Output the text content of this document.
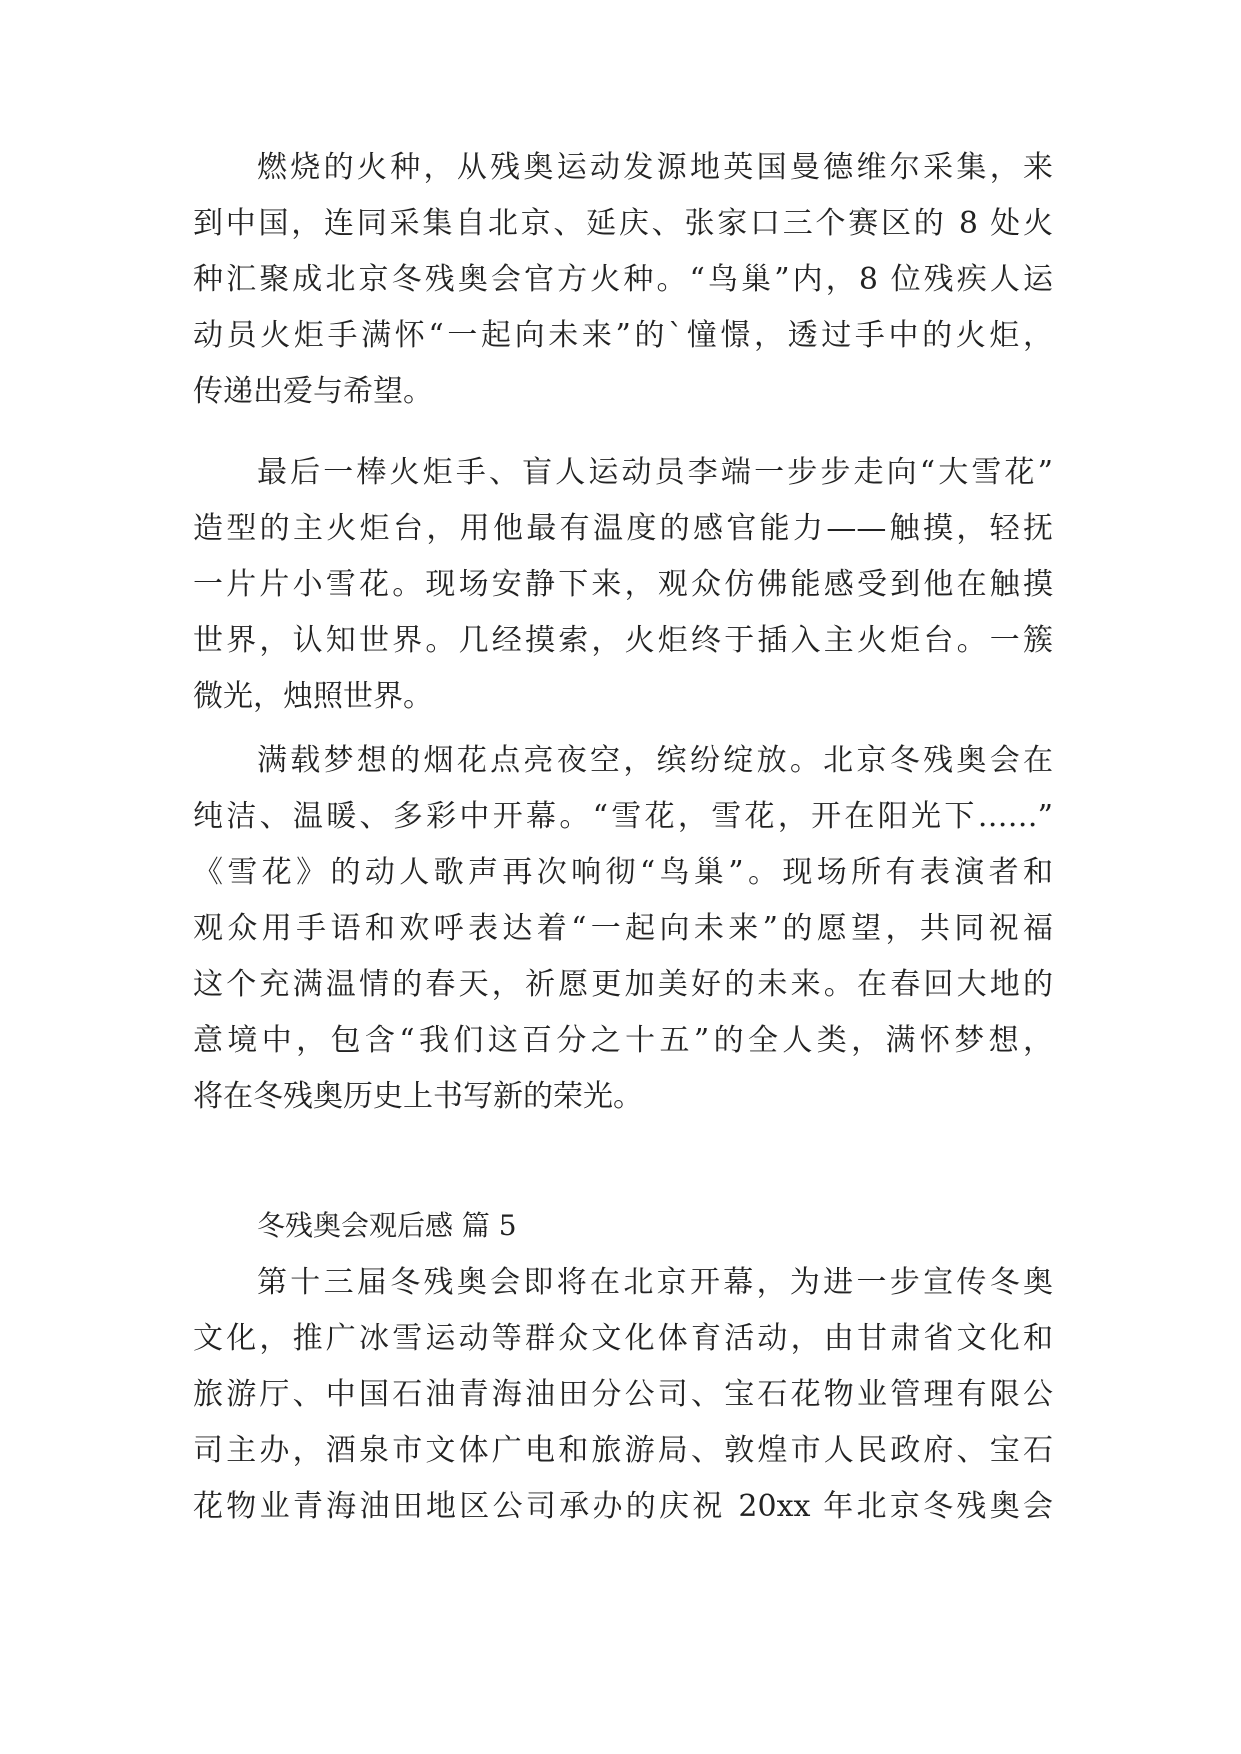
燃烧的火种，从残奥运动发源地英国曼德维尔采集，来
到中国，连同采集自北京、延庆、张家口三个赛区的 8 处火
种汇聚成北京冬残奥会官方火种。“鸟巢”内，8 位残疾人运
动员火炬手满怀“一起向未来”的`憧憬，透过手中的火炬，
传递出爱与希望。
最后一棒火炬手、盲人运动员李端一步步走向“大雪花”
造型的主火炬台，用他最有温度的感官能力——触摸，轻抚
一片片小雪花。现场安静下来，观众仿佛能感受到他在触摸
世界，认知世界。几经摸索，火炬终于插入主火炬台。一簇
微光，烛照世界。
满载梦想的烟花点亮夜空，缤纷绽放。北京冬残奥会在
纯洁、温暖、多彩中开幕。“雪花，雪花，开在阳光下……”
《雪花》的动人歌声再次响彻“鸟巢”。现场所有表演者和
观众用手语和欢呼表达着“一起向未来”的愿望，共同祝福
这个充满温情的春天，祈愿更加美好的未来。在春回大地的
意境中，包含“我们这百分之十五”的全人类，满怀梦想，
将在冬残奥历史上书写新的荣光。
冬残奥会观后感 篇 5
第十三届冬残奥会即将在北京开幕，为进一步宣传冬奥
文化，推广冰雪运动等群众文化体育活动，由甘肃省文化和
旅游厅、中国石油青海油田分公司、宝石花物业管理有限公
司主办，酒泉市文体广电和旅游局、敦煌市人民政府、宝石
花物业青海油田地区公司承办的庆祝 20xx 年北京冬残奥会
